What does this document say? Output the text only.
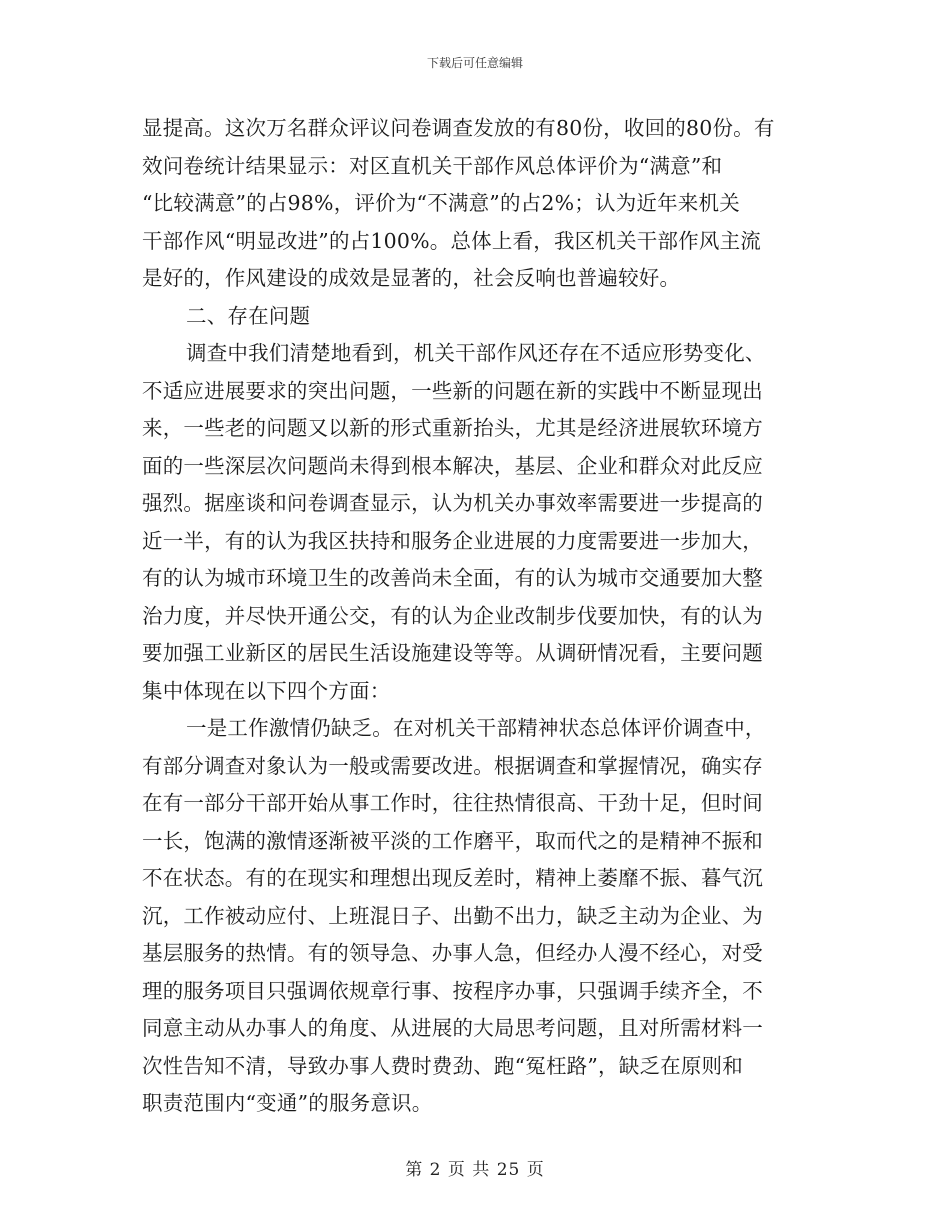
下载后可任意编辑
显提高。这次万名群众评议问卷调查发放的有80份，收回的80份。有
效问卷统计结果显示：对区直机关干部作风总体评价为“满意”和
“比较满意”的占98%，评价为“不满意”的占2%；认为近年来机关
干部作风“明显改进”的占100%。总体上看，我区机关干部作风主流
是好的，作风建设的成效是显著的，社会反响也普遍较好。
二、存在问题
调查中我们清楚地看到，机关干部作风还存在不适应形势变化、
不适应进展要求的突出问题，一些新的问题在新的实践中不断显现出
来，一些老的问题又以新的形式重新抬头，尤其是经济进展软环境方
面的一些深层次问题尚未得到根本解决，基层、企业和群众对此反应
强烈。据座谈和问卷调查显示，认为机关办事效率需要进一步提高的
近一半，有的认为我区扶持和服务企业进展的力度需要进一步加大，
有的认为城市环境卫生的改善尚未全面，有的认为城市交通要加大整
治力度，并尽快开通公交，有的认为企业改制步伐要加快，有的认为
要加强工业新区的居民生活设施建设等等。从调研情况看，主要问题
集中体现在以下四个方面：
一是工作激情仍缺乏。在对机关干部精神状态总体评价调查中，
有部分调查对象认为一般或需要改进。根据调查和掌握情况，确实存
在有一部分干部开始从事工作时，往往热情很高、干劲十足，但时间
一长，饱满的激情逐渐被平淡的工作磨平，取而代之的是精神不振和
不在状态。有的在现实和理想出现反差时，精神上萎靡不振、暮气沉
沉，工作被动应付、上班混日子、出勤不出力，缺乏主动为企业、为
基层服务的热情。有的领导急、办事人急，但经办人漫不经心，对受
理的服务项目只强调依规章行事、按程序办事，只强调手续齐全，不
同意主动从办事人的角度、从进展的大局思考问题，且对所需材料一
次性告知不清，导致办事人费时费劲、跑“冤枉路”，缺乏在原则和
职责范围内“变通”的服务意识。
第 2 页 共 25 页
